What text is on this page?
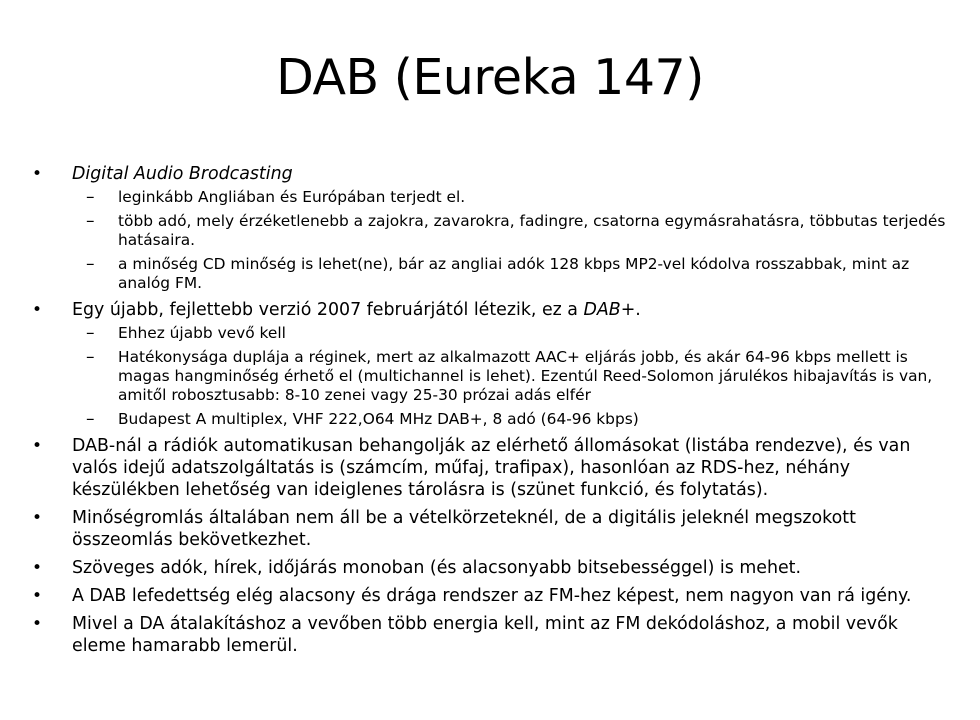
DAB (Eureka 147)
• Digital Audio Brodcasting
– leginkább Angliában és Európában terjedt el.
– több adó, mely érzéketlenebb a zajokra, zavarokra, fadingre, csatorna egymásrahatásra, többutas terjedés hatásaira.
– a minőség CD minőség is lehet(ne), bár az angliai adók 128 kbps MP2-vel kódolva rosszabbak, mint az analóg FM.
• Egy újabb, fejlettebb verzió 2007 februárjától létezik, ez a DAB+.
– Ehhez újabb vevő kell
– Hatékonysága duplája a réginek, mert az alkalmazott AAC+ eljárás jobb, és akár 64-96 kbps mellett is magas hangminőség érhető el (multichannel is lehet). Ezentúl Reed-Solomon járulékos hibajavítás is van, amitől robosztusabb: 8-10 zenei vagy 25-30 prózai adás elfér
– Budapest A multiplex, VHF 222,O64 MHz DAB+, 8 adó (64-96 kbps)
• DAB-nál a rádiók automatikusan behangolják az elérhető állomásokat (listába rendezve), és van valós idejű adatszolgáltatás is (számcím, műfaj, trafipax), hasonlóan az RDS-hez, néhány készülékben lehetőség van ideiglenes tárolásra is (szünet funkció, és folytatás).
• Minőségromlás általában nem áll be a vételkörzeteknél, de a digitális jeleknél megszokott összeomlás bekövetkezhet.
• Szöveges adók, hírek, időjárás monoban (és alacsonyabb bitsebességgel) is mehet.
• A DAB lefedettség elég alacsony és drága rendszer az FM-hez képest, nem nagyon van rá igény.
• Mivel a DA átalakításhoz a vevőben több energia kell, mint az FM dekódoláshoz, a mobil vevők eleme hamarabb lemerül.
